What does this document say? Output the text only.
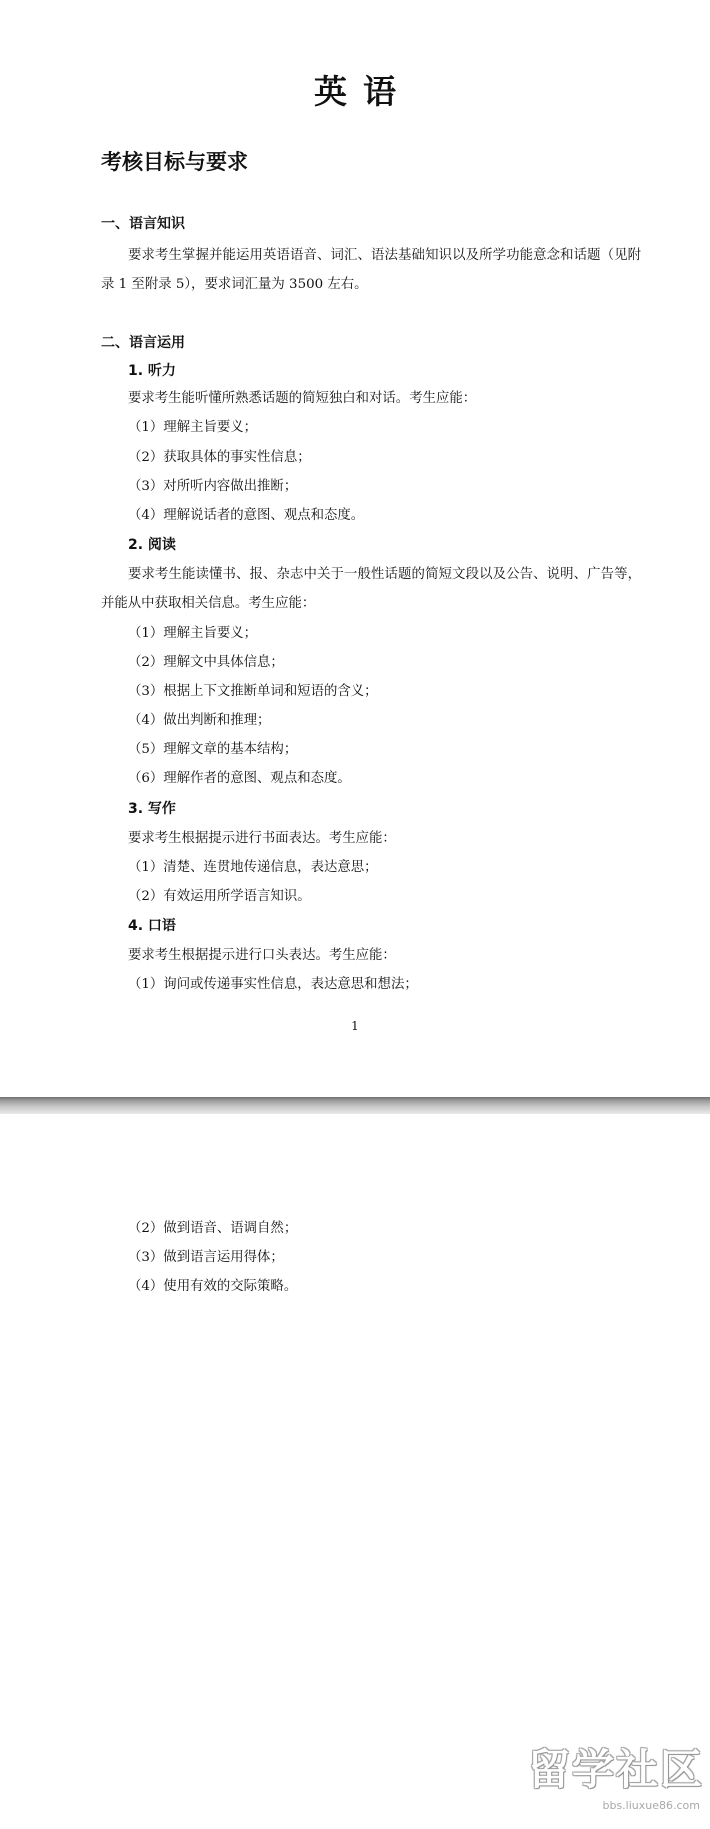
英语
考核目标与要求
一、语言知识
要求考生掌握并能运用英语语音、词汇、语法基础知识以及所学功能意念和话题（见附录 1 至附录 5），要求词汇量为 3500 左右。
二、语言运用
1. 听力
要求考生能听懂所熟悉话题的简短独白和对话。考生应能：
（1）理解主旨要义；
（2）获取具体的事实性信息；
（3）对所听内容做出推断；
（4）理解说话者的意图、观点和态度。
2. 阅读
要求考生能读懂书、报、杂志中关于一般性话题的简短文段以及公告、说明、广告等，并能从中获取相关信息。考生应能：
（1）理解主旨要义；
（2）理解文中具体信息；
（3）根据上下文推断单词和短语的含义；
（4）做出判断和推理；
（5）理解文章的基本结构；
（6）理解作者的意图、观点和态度。
3. 写作
要求考生根据提示进行书面表达。考生应能：
（1）清楚、连贯地传递信息，表达意思；
（2）有效运用所学语言知识。
4. 口语
要求考生根据提示进行口头表达。考生应能：
（1）询问或传递事实性信息，表达意思和想法；
1
（2）做到语音、语调自然；
（3）做到语言运用得体；
（4）使用有效的交际策略。
留学社区
bbs.liuxue86.com
